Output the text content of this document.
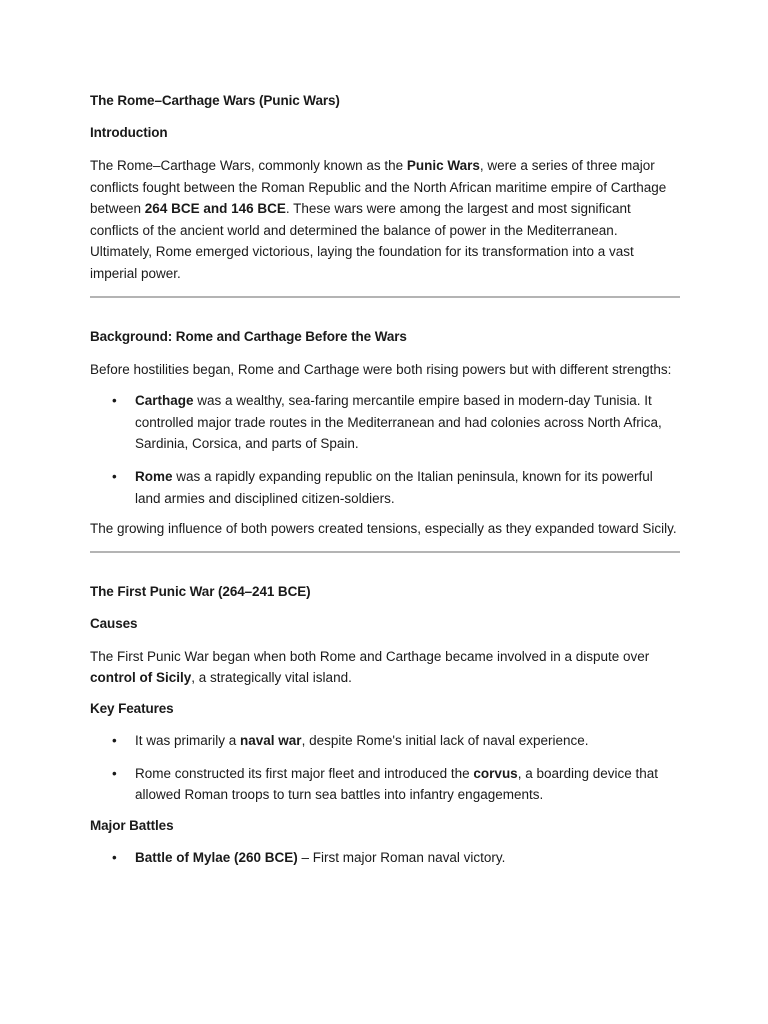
The Rome–Carthage Wars (Punic Wars)

Introduction

The Rome–Carthage Wars, commonly known as the Punic Wars, were a series of three major conflicts fought between the Roman Republic and the North African maritime empire of Carthage between 264 BCE and 146 BCE. These wars were among the largest and most significant conflicts of the ancient world and determined the balance of power in the Mediterranean. Ultimately, Rome emerged victorious, laying the foundation for its transformation into a vast imperial power.

Background: Rome and Carthage Before the Wars

Before hostilities began, Rome and Carthage were both rising powers but with different strengths:

• Carthage was a wealthy, sea-faring mercantile empire based in modern-day Tunisia. It controlled major trade routes in the Mediterranean and had colonies across North Africa, Sardinia, Corsica, and parts of Spain.
• Rome was a rapidly expanding republic on the Italian peninsula, known for its powerful land armies and disciplined citizen-soldiers.

The growing influence of both powers created tensions, especially as they expanded toward Sicily.

The First Punic War (264–241 BCE)

Causes

The First Punic War began when both Rome and Carthage became involved in a dispute over control of Sicily, a strategically vital island.

Key Features

• It was primarily a naval war, despite Rome's initial lack of naval experience.
• Rome constructed its first major fleet and introduced the corvus, a boarding device that allowed Roman troops to turn sea battles into infantry engagements.

Major Battles

• Battle of Mylae (260 BCE) – First major Roman naval victory.
